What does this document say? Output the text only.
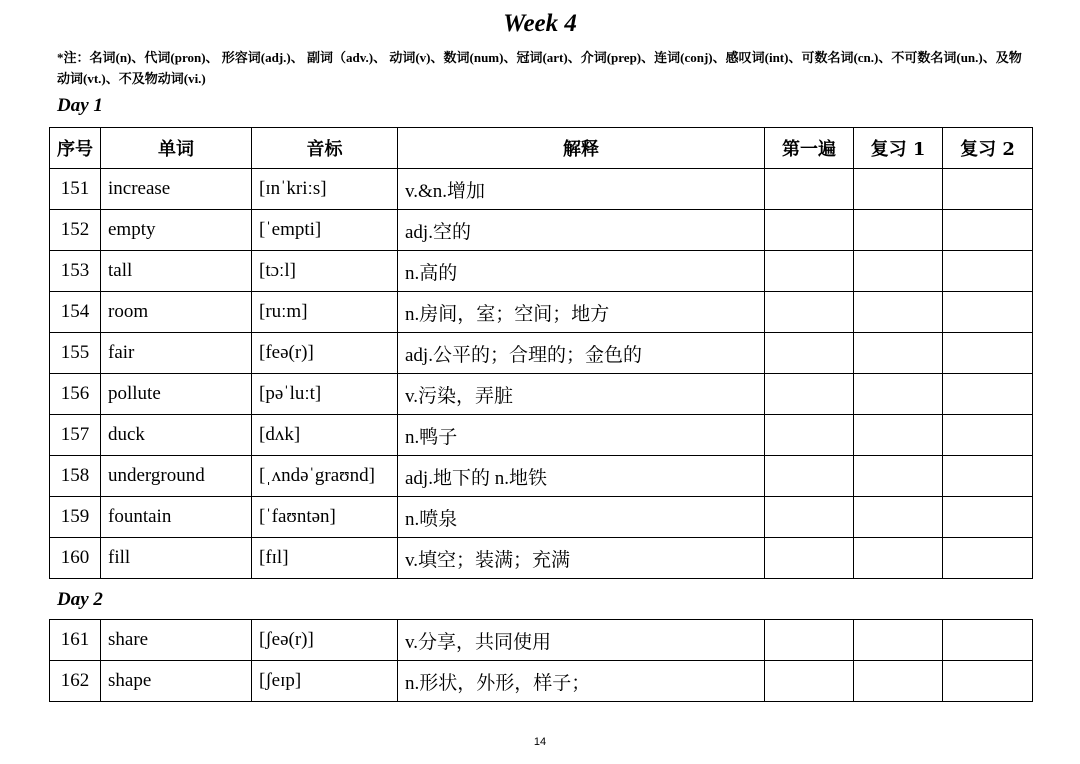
Week 4
*注：名词(n)、代词(pron)、 形容词(adj.)、 副词（adv.)、 动词(v)、数词(num)、冠词(art)、介词(prep)、连词(conj)、感叹词(int)、可数名词(cn.)、不可数名词(un.)、及物动词(vt.)、不及物动词(vi.)
Day 1
序号	单词	音标	解释	第一遍	复习 1	复习 2
151	increase	[ɪnˈkriːs]	v.&n.增加			
152	empty	[ˈempti]	adj.空的			
153	tall	[tɔːl]	n.高的			
154	room	[ruːm]	n.房间，室；空间；地方			
155	fair	[feə(r)]	adj.公平的；合理的；金色的			
156	pollute	[pəˈluːt]	v.污染，弄脏			
157	duck	[dʌk]	n.鸭子			
158	underground	[ˌʌndəˈgraʊnd]	adj.地下的 n.地铁			
159	fountain	[ˈfaʊntən]	n.喷泉			
160	fill	[fɪl]	v.填空；装满；充满			
Day 2
161	share	[ʃeə(r)]	v.分享，共同使用			
162	shape	[ʃeɪp]	n.形状，外形，样子；			
14
